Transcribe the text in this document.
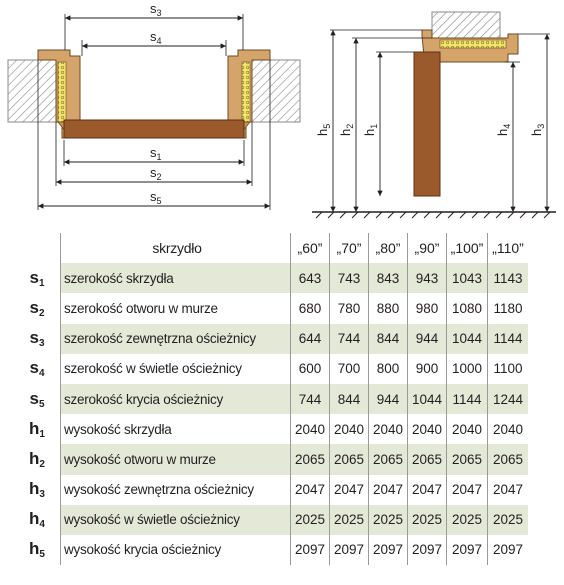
$s_3$
$s_4$
$s_1$
$s_2$
$s_5$
$h_5$
$h_2$
$h_1$
$h_4$
$h_3$
	skrzydło	„60”	„70”	„80”	„90”	„100”	„110”
$s_1$	szerokość skrzydła	643	743	843	943	1043	1143
$s_2$	szerokość otworu w murze	680	780	880	980	1080	1180
$s_3$	szerokość zewnętrzna ościeżnicy	644	744	844	944	1044	1144
$s_4$	szerokość w świetle ościeżnicy	600	700	800	900	1000	1100
$s_5$	szerokość krycia ościeżnicy	744	844	944	1044	1144	1244
$h_1$	wysokość skrzydła	2040	2040	2040	2040	2040	2040
$h_2$	wysokość otworu w murze	2065	2065	2065	2065	2065	2065
$h_3$	wysokość zewnętrzna ościeżnicy	2047	2047	2047	2047	2047	2047
$h_4$	wysokość w świetle ościeżnicy	2025	2025	2025	2025	2025	2025
$h_5$	wysokość krycia ościeżnicy	2097	2097	2097	2097	2097	2097
